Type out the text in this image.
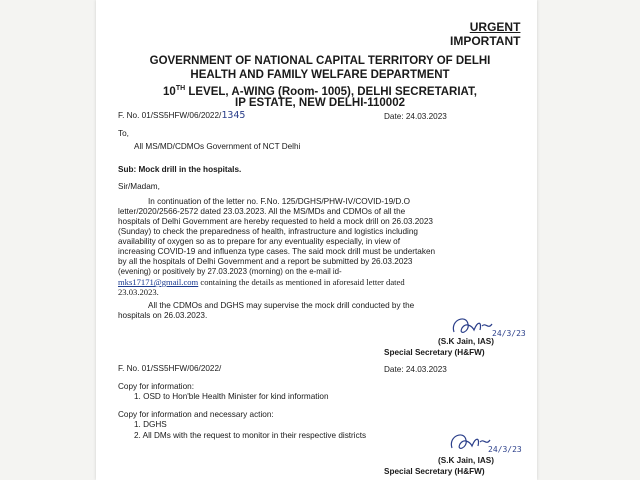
URGENT
IMPORTANT
GOVERNMENT OF NATIONAL CAPITAL TERRITORY OF DELHI
HEALTH AND FAMILY WELFARE DEPARTMENT
10TH LEVEL, A-WING (Room- 1005), DELHI SECRETARIAT,
IP ESTATE, NEW DELHI-110002
F. No. 01/SS5HFW/06/2022/1345	Date: 24.03.2023
To,
All MS/MD/CDMOs Government of NCT Delhi
Sub: Mock drill in the hospitals.
Sir/Madam,
In continuation of the letter no. F.No. 125/DGHS/PHW-IV/COVID-19/D.O
letter/2020/2566-2572 dated 23.03.2023. All the MS/MDs and CDMOs of all the
hospitals of Delhi Government are hereby requested to held a mock drill on 26.03.2023
(Sunday) to check the preparedness of health, infrastructure and logistics including
availability of oxygen so as to prepare for any eventuality especially, in view of
increasing COVID-19 and influenza type cases. The said mock drill must be undertaken
by all the hospitals of Delhi Government and a report be submitted by 26.03.2023
(evening) or positively by 27.03.2023 (morning) on the e-mail id-
mks17171@gmail.com containing the details as mentioned in aforesaid letter dated
23.03.2023.
All the CDMOs and DGHS may supervise the mock drill conducted by the
hospitals on 26.03.2023.
24/3/23
(S.K Jain, IAS)
Special Secretary (H&FW)
F. No. 01/SS5HFW/06/2022/	Date: 24.03.2023
Copy for information:
1. OSD to Hon'ble Health Minister for kind information
Copy for information and necessary action:
1. DGHS
2. All DMs with the request to monitor in their respective districts
24/3/23
(S.K Jain, IAS)
Special Secretary (H&FW)
